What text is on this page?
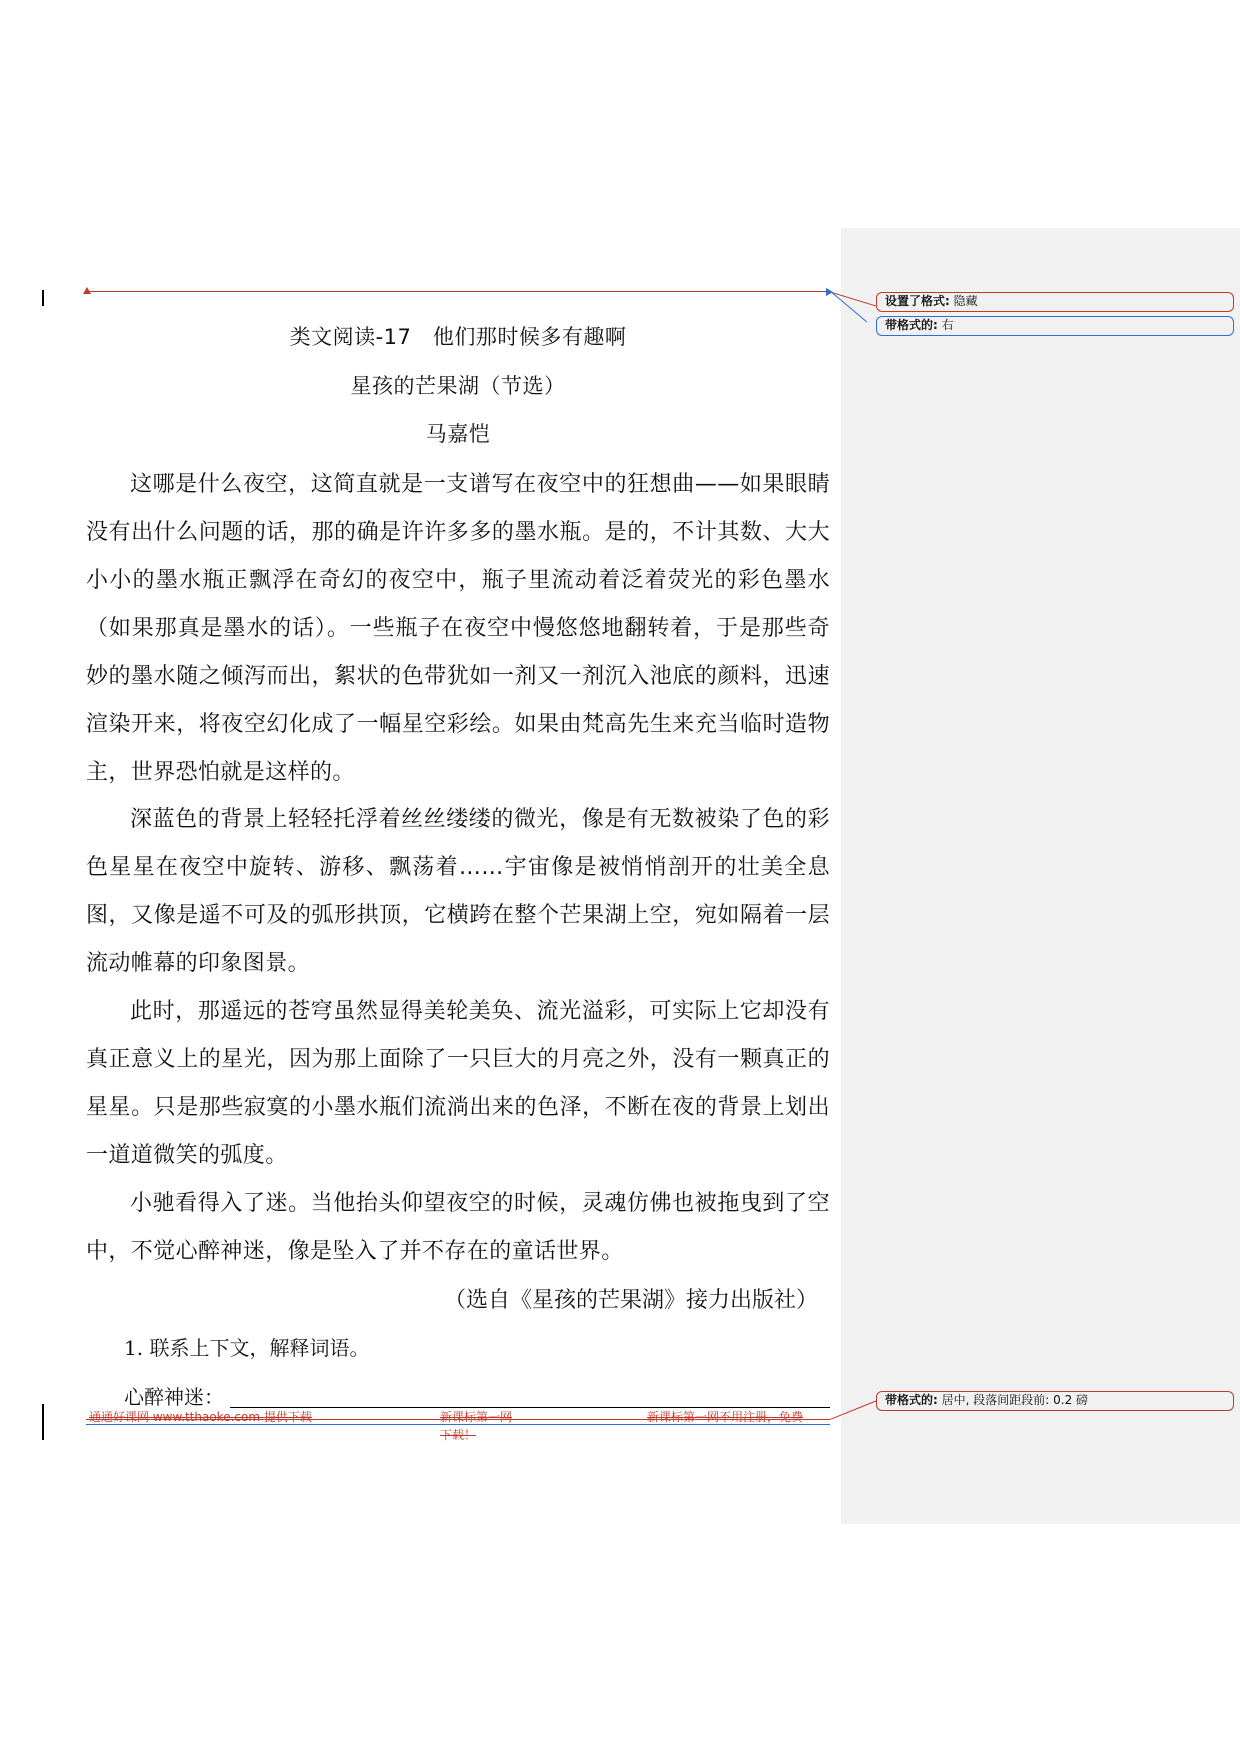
设置了格式: 隐藏
带格式的: 右
带格式的: 居中, 段落间距段前: 0.2 磅
类文阅读-17　他们那时候多有趣啊
星孩的芒果湖（节选）
马嘉恺
这哪是什么夜空，这简直就是一支谱写在夜空中的狂想曲——如果眼睛没有出什么问题的话，那的确是许许多多的墨水瓶。是的，不计其数、大大小小的墨水瓶正飘浮在奇幻的夜空中，瓶子里流动着泛着荧光的彩色墨水（如果那真是墨水的话）。一些瓶子在夜空中慢悠悠地翻转着，于是那些奇妙的墨水随之倾泻而出，絮状的色带犹如一剂又一剂沉入池底的颜料，迅速渲染开来，将夜空幻化成了一幅星空彩绘。如果由梵高先生来充当临时造物主，世界恐怕就是这样的。
深蓝色的背景上轻轻托浮着丝丝缕缕的微光，像是有无数被染了色的彩色星星在夜空中旋转、游移、飘荡着……宇宙像是被悄悄剖开的壮美全息图，又像是遥不可及的弧形拱顶，它横跨在整个芒果湖上空，宛如隔着一层流动帷幕的印象图景。
此时，那遥远的苍穹虽然显得美轮美奂、流光溢彩，可实际上它却没有真正意义上的星光，因为那上面除了一只巨大的月亮之外，没有一颗真正的星星。只是那些寂寞的小墨水瓶们流淌出来的色泽，不断在夜的背景上划出一道道微笑的弧度。
小驰看得入了迷。当他抬头仰望夜空的时候，灵魂仿佛也被拖曳到了空中，不觉心醉神迷，像是坠入了并不存在的童话世界。
（选自《星孩的芒果湖》接力出版社）
1. 联系上下文，解释词语。
心醉神迷：
通通好课网 www.tthaoke.com 提供下载	新课标第一网
下载！
新课标第一网不用注册，免费
